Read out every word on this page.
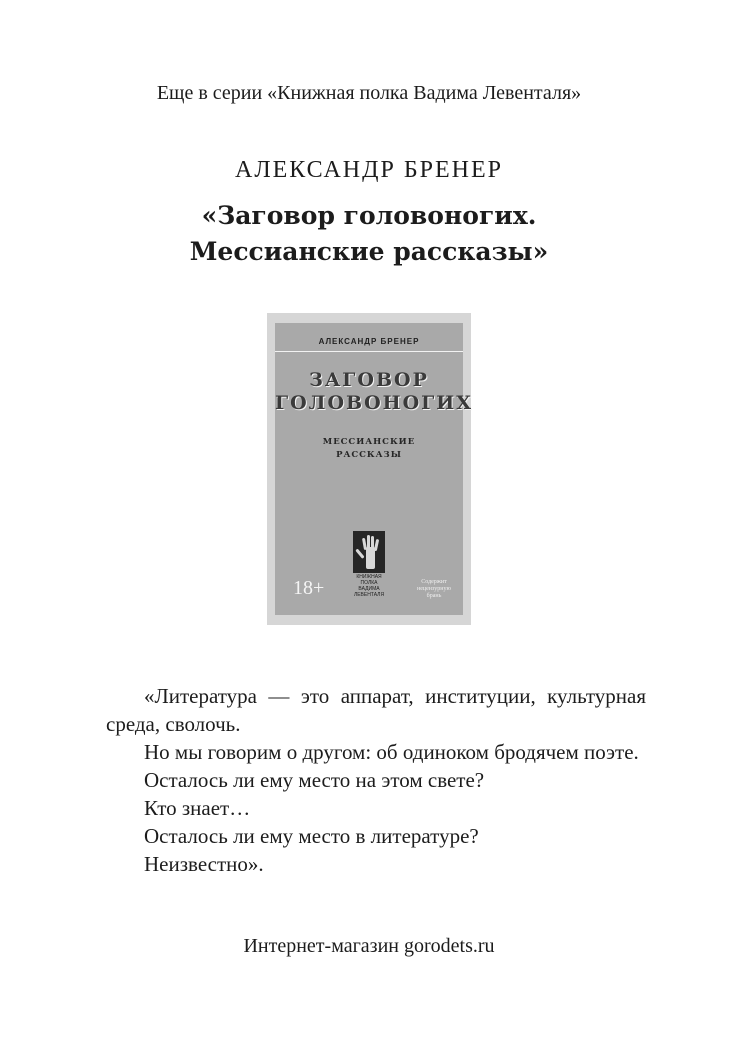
Еще в серии «Книжная полка Вадима Левенталя»
АЛЕКСАНДР БРЕНЕР
«Заговор головоногих. Мессианские рассказы»
АЛЕКСАНДР БРЕНЕР
ЗАГОВОР
ГОЛОВОНОГИХ
МЕССИАНСКИЕ
РАССКАЗЫ
КНИЖНАЯ
ПОЛКА
ВАДИМА
ЛЕВЕНТАЛЯ
18+	Содержит
нецензурную
брань

«Литература — это аппарат, институции, культурная среда, сволочь.

Но мы говорим о другом: об одиноком бродячем поэте.

Осталось ли ему место на этом свете?

Кто знает…

Осталось ли ему место в литературе?

Неизвестно».

Интернет-магазин gorodets.ru
